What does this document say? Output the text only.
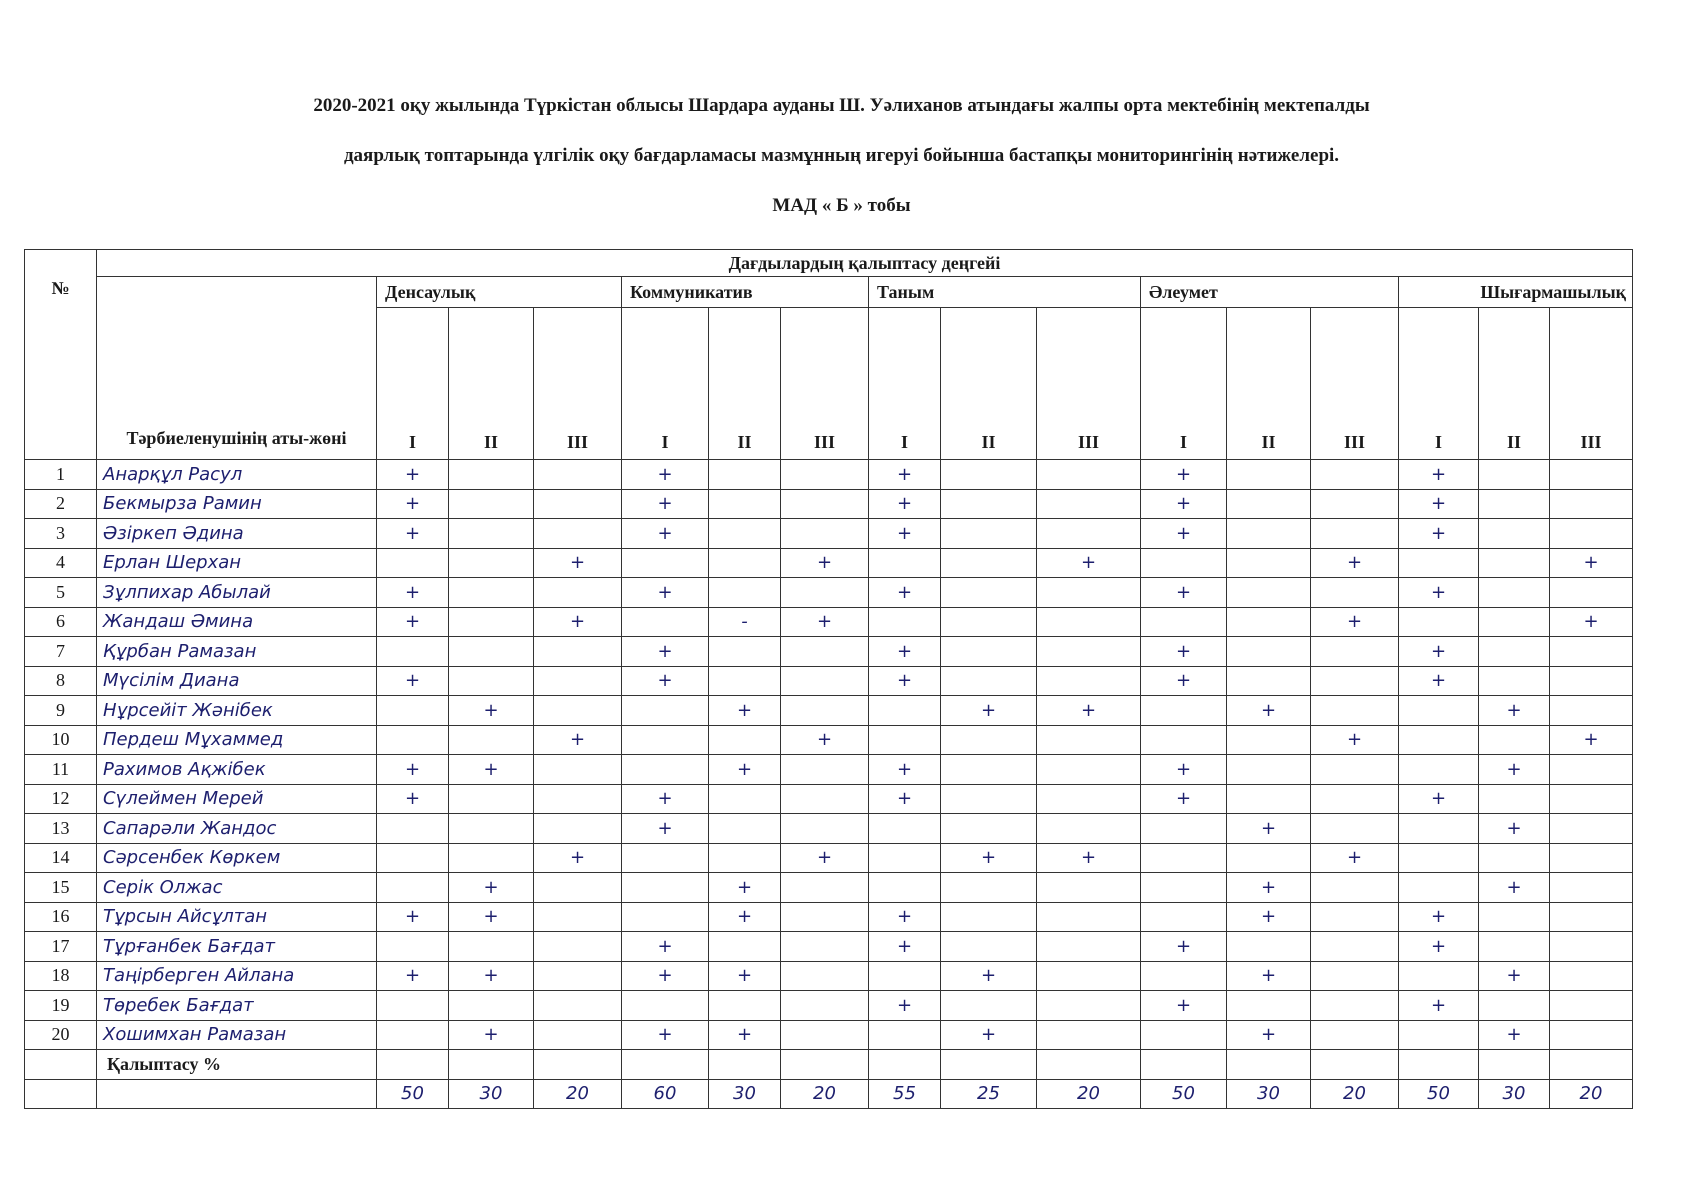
2020-2021 оқу жылында Түркістан облысы Шардара ауданы Ш. Уәлиханов атындағы жалпы орта мектебінің мектепалды
даярлық топтарында үлгілік оқу бағдарламасы мазмұнның игеруі бойынша бастапқы мониторингінің нәтижелері.
МАД « Б » тобы
№	Дағдылардың қалыптасу деңгейі															
	Тәрбиеленушінің аты-жөні	Денсаулық			Коммуникатив			Таным			Әлеумет			Шығармашылық		
		I	II	III	I	II	III	I	II	III	I	II	III	I	II	III
1	Анарқұл Расул	+			+			+			+			+		
2	Бекмырза Рамин	+			+			+			+			+		
3	Әзіркеп Әдина	+			+			+			+			+		
4	Ерлан Шерхан			+			+			+			+			+
5	Зұлпихар Абылай	+			+			+			+			+		
6	Жандаш Әмина	+		+		-	+						+			+
7	Құрбан Рамазан				+			+			+			+		
8	Мүсілім Диана	+			+			+			+			+		
9	Нұрсейіт Жәнібек		+			+			+	+		+			+	
10	Пердеш Мұхаммед			+			+						+			+
11	Рахимов Ақжібек	+	+			+		+			+				+	
12	Сүлеймен Мерей	+			+			+			+			+		
13	Сапарәли Жандос				+							+			+	
14	Сәрсенбек Көркем			+			+		+	+			+			
15	Серік Олжас		+			+						+			+	
16	Тұрсын Айсұлтан	+	+			+		+				+		+		
17	Тұрғанбек Бағдат				+			+			+			+		
18	Таңірберген Айлана	+	+		+	+			+			+			+	
19	Төребек Бағдат							+			+			+		
20	Хошимхан Рамазан		+		+	+			+			+			+	
	Қалыптасу %															
		50	30	20	60	30	20	55	25	20	50	30	20	50	30	20
